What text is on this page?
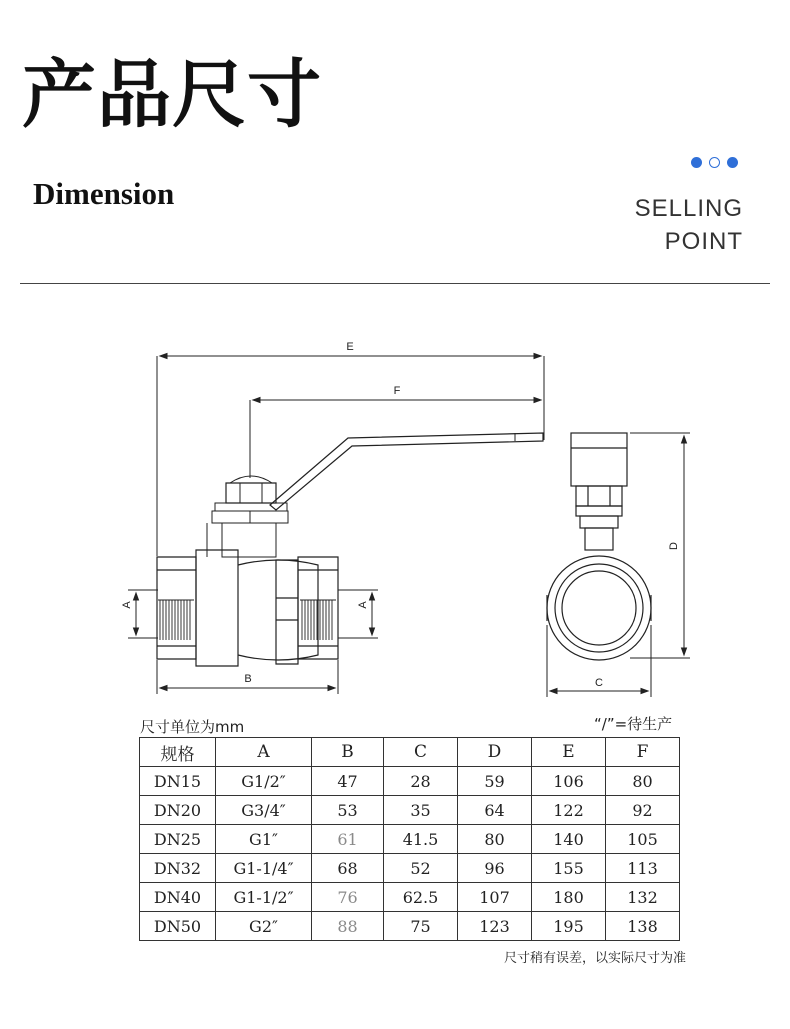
产品尺寸
Dimension	SELLING
POINT
E
F
A	A
B
D
C
尺寸单位为mm	“/”=待生产
规格	A	B	C	D	E	F
DN15	G1/2″	47	28	59	106	80
DN20	G3/4″	53	35	64	122	92
DN25	G1″	61	41.5	80	140	105
DN32	G1-1/4″	68	52	96	155	113
DN40	G1-1/2″	76	62.5	107	180	132
DN50	G2″	88	75	123	195	138
尺寸稍有误差，以实际尺寸为准
